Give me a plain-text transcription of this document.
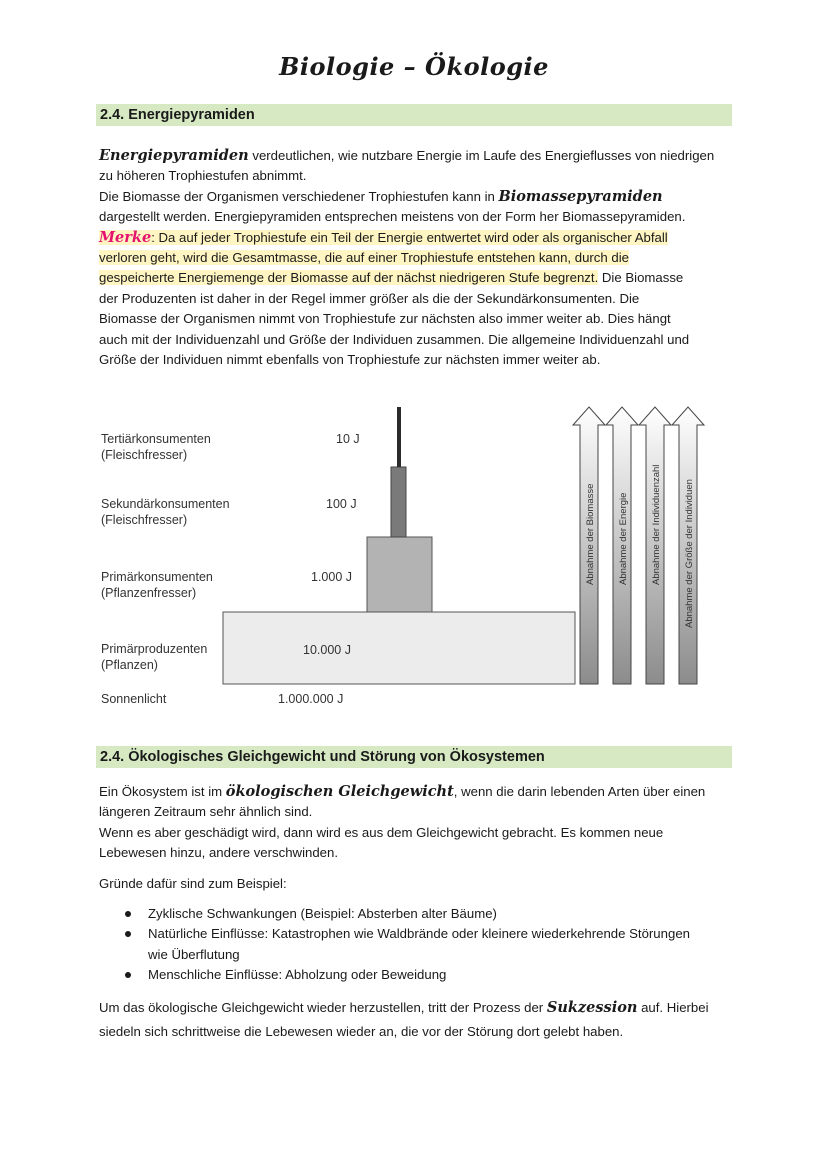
Biologie – Ökologie
2.4. Energiepyramiden

Energiepyramiden verdeutlichen, wie nutzbare Energie im Laufe des Energieflusses von niedrigen

zu höheren Trophiestufen abnimmt.

Die Biomasse der Organismen verschiedener Trophiestufen kann in Biomassepyramiden

dargestellt werden. Energiepyramiden entsprechen meistens von der Form her Biomassepyramiden.

Merke: Da auf jeder Trophiestufe ein Teil der Energie entwertet wird oder als organischer Abfall

verloren geht, wird die Gesamtmasse, die auf einer Trophiestufe entstehen kann, durch die

gespeicherte Energiemenge der Biomasse auf der nächst niedrigeren Stufe begrenzt. Die Biomasse

der Produzenten ist daher in der Regel immer größer als die der Sekundärkonsumenten. Die

Biomasse der Organismen nimmt von Trophiestufe zur nächsten also immer weiter ab. Dies hängt

auch mit der Individuenzahl und Größe der Individuen zusammen. Die allgemeine Individuenzahl und

Größe der Individuen nimmt ebenfalls von Trophiestufe zur nächsten immer weiter ab.

Tertiärkonsumenten
(Fleischfresser)
Sekundärkonsumenten
(Fleischfresser)
Primärkonsumenten
(Pflanzenfresser)
Primärproduzenten
(Pflanzen)
Sonnenlicht
10 J
100 J
1.000 J
10.000 J
1.000.000 J
Abnahme der Biomasse Abnahme der Energie Abnahme der Individuenzahl Abnahme der Größe der Individuen
2.4. Ökologisches Gleichgewicht und Störung von Ökosystemen

Ein Ökosystem ist im ökologischen Gleichgewicht, wenn die darin lebenden Arten über einen

längeren Zeitraum sehr ähnlich sind.

Wenn es aber geschädigt wird, dann wird es aus dem Gleichgewicht gebracht. Es kommen neue

Lebewesen hinzu, andere verschwinden.

Gründe dafür sind zum Beispiel:

Zyklische Schwankungen (Beispiel: Absterben alter Bäume)
Natürliche Einflüsse: Katastrophen wie Waldbrände oder kleinere wiederkehrende Störungen
wie Überflutung
Menschliche Einflüsse: Abholzung oder Beweidung

Um das ökologische Gleichgewicht wieder herzustellen, tritt der Prozess der Sukzession auf. Hierbei

siedeln sich schrittweise die Lebewesen wieder an, die vor der Störung dort gelebt haben.
